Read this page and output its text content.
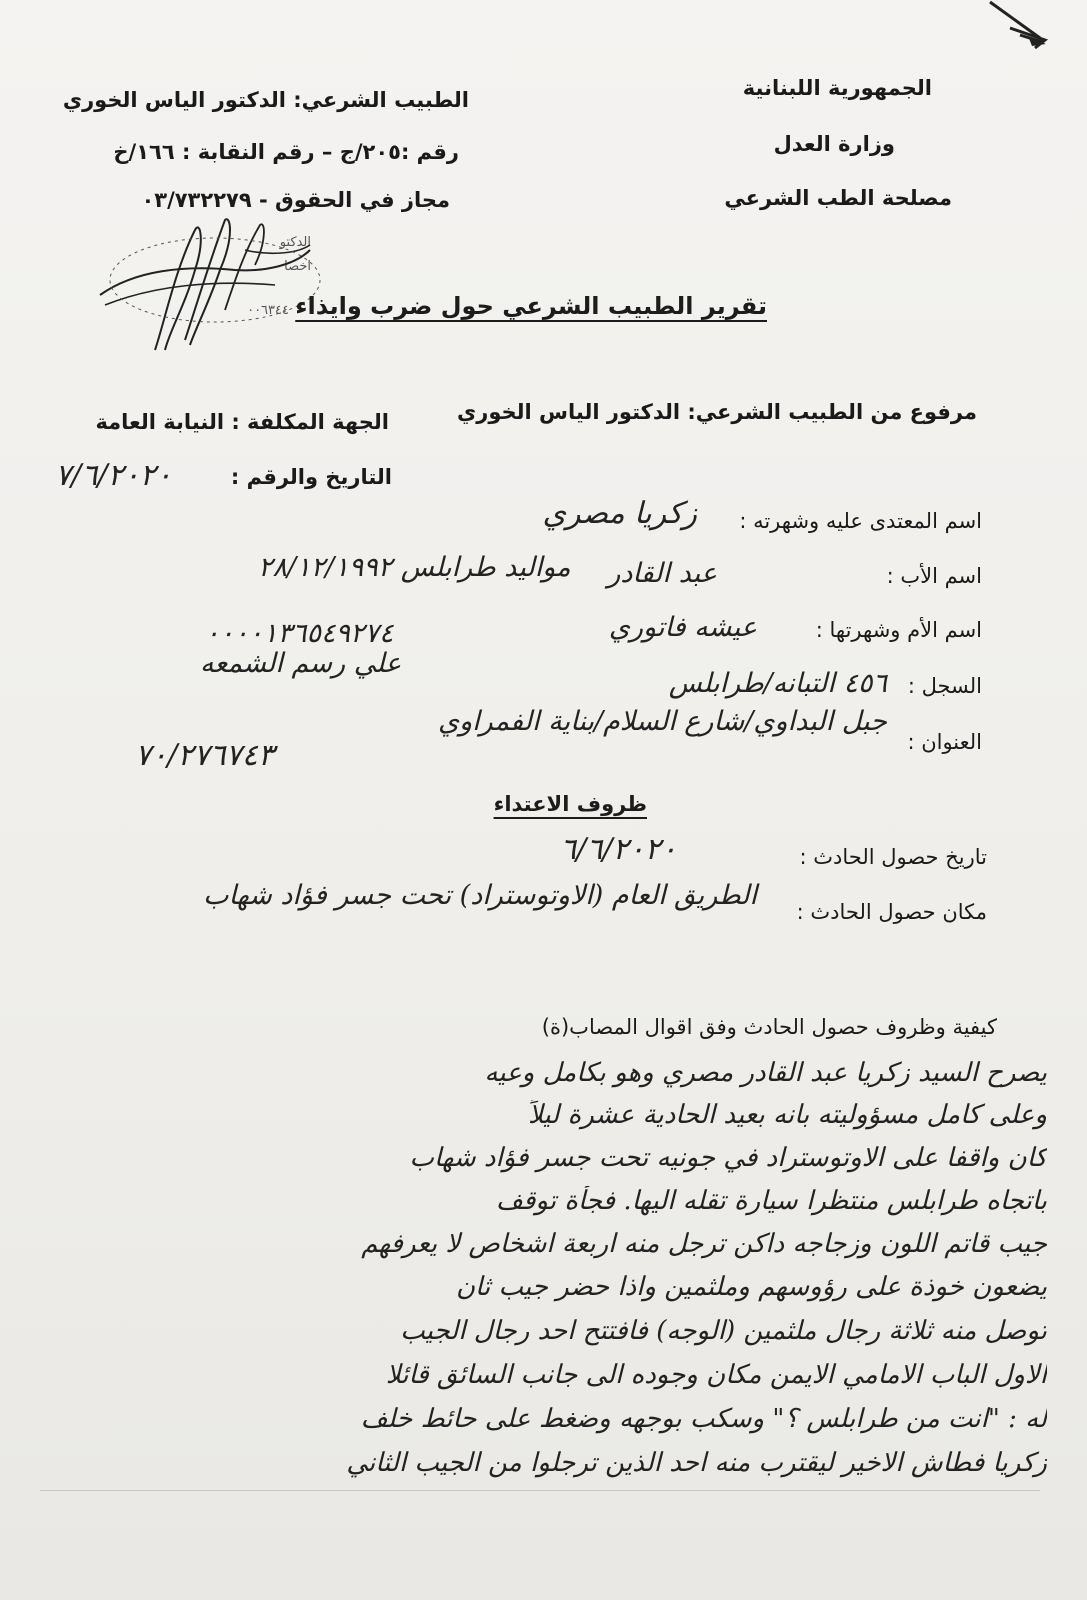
الجمهورية اللبنانية
وزارة العدل
مصلحة الطب الشرعي
الطبيب الشرعي: الدكتور الياس الخوري
رقم :٢٠٥/ج – رقم النقابة : ١٦٦/خ
مجاز في الحقوق - ٠٣/٧٣٢٢٧٩
الدكتو
اخصا
٠٠٦٣٤٤ تقرير الطبيب الشرعي حول ضرب وايذاء
مرفوع من الطبيب الشرعي: الدكتور الياس الخوري
الجهة المكلفة : النيابة العامة
التاريخ والرقم :
٧/٦/٢٠٢٠
اسم المعتدى عليه وشهرته :
زكريا مصري
اسم الأب :
عبد القادر
مواليد طرابلس ٢٨/١٢/١٩٩٢
اسم الأم وشهرتها :
عيشه فاتوري
٠٠٠٠١٣٦٥٤٩٢٧٤
علي رسم الشمعه
السجل :
٤٥٦ التبانه/طرابلس
العنوان :
جبل البداوي/شارع السلام/بناية الفمراوي
٧٠/٢٧٦٧٤٣
ظروف الاعتداء
تاريخ حصول الحادث :
٦/٦/٢٠٢٠
مكان حصول الحادث :
الطريق العام (الاوتوستراد) تحت جسر فؤاد شهاب
كيفية وظروف حصول الحادث وفق اقوال المصاب(ة)
يصرح السيد زكريا عبد القادر مصري وهو بكامل وعيه
وعلى كامل مسؤوليته بانه بعيد الحادية عشرة ليلاً
كان واقفا على الاوتوستراد في جونيه تحت جسر فؤاد شهاب
باتجاه طرابلس منتظرا سيارة تقله اليها. فجأة توقف
جيب قاتم اللون وزجاجه داكن ترجل منه اربعة اشخاص لا يعرفهم
يضعون خوذة على رؤوسهم وملثمين واذا حضر جيب ثان
توصل منه ثلاثة رجال ملثمين (الوجه) فافتتح احد رجال الجيب
الاول الباب الامامي الايمن مكان وجوده الى جانب السائق قائلا
له : "انت من طرابلس ؟" وسكب بوجهه وضغط على حائط خلف
زكريا فطاش الاخير ليقترب منه احد الذين ترجلوا من الجيب الثاني
